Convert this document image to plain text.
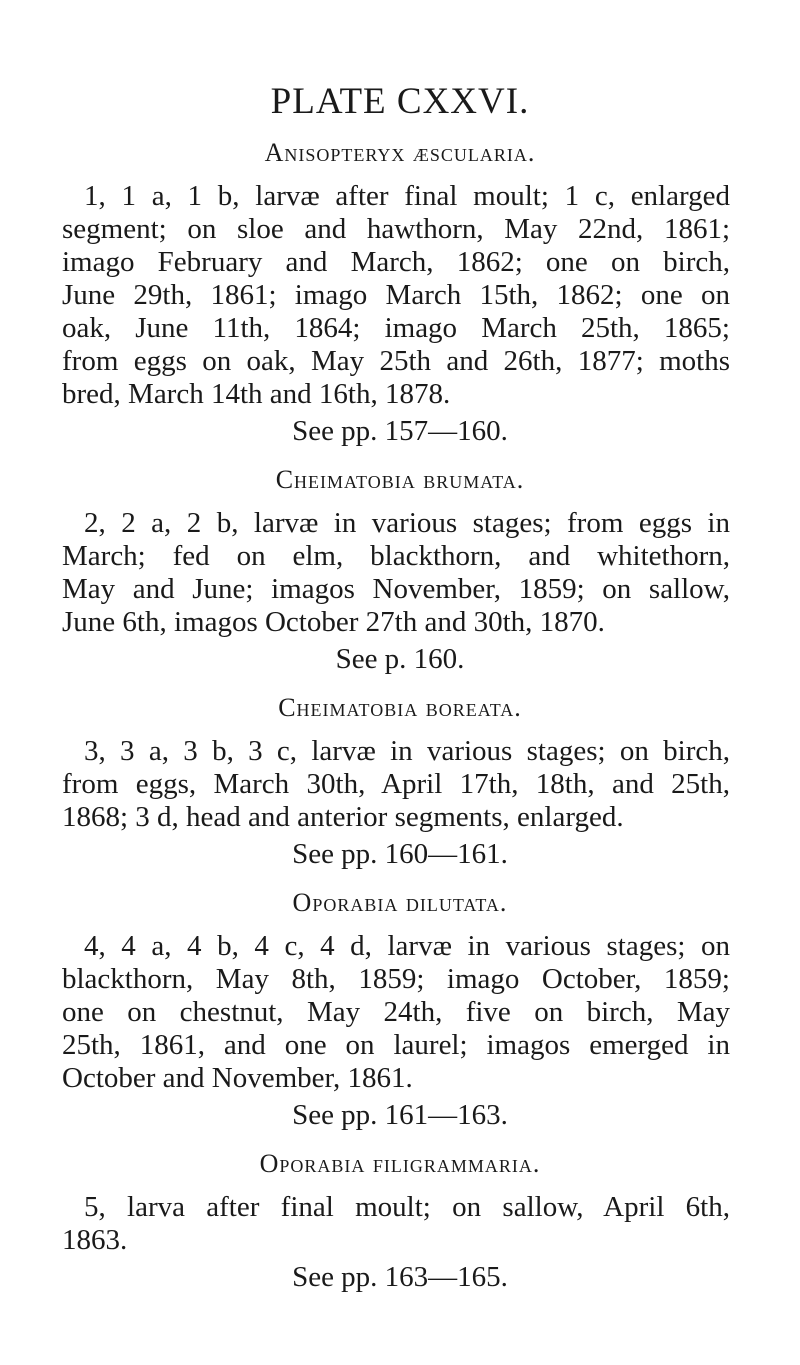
PLATE CXXVI.
Anisopteryx æscularia.
1, 1 a, 1 b, larvæ after final moult; 1 c, enlarged
segment; on sloe and hawthorn, May 22nd, 1861;
imago February and March, 1862; one on birch,
June 29th, 1861; imago March 15th, 1862; one on
oak, June 11th, 1864; imago March 25th, 1865;
from eggs on oak, May 25th and 26th, 1877; moths
bred, March 14th and 16th, 1878.
See pp. 157—160.
Cheimatobia brumata.
2, 2 a, 2 b, larvæ in various stages; from eggs in
March; fed on elm, blackthorn, and whitethorn,
May and June; imagos November, 1859; on sallow,
June 6th, imagos October 27th and 30th, 1870.
See p. 160.
Cheimatobia boreata.
3, 3 a, 3 b, 3 c, larvæ in various stages; on birch,
from eggs, March 30th, April 17th, 18th, and 25th,
1868; 3 d, head and anterior segments, enlarged.
See pp. 160—161.
Oporabia dilutata.
4, 4 a, 4 b, 4 c, 4 d, larvæ in various stages; on
blackthorn, May 8th, 1859; imago October, 1859;
one on chestnut, May 24th, five on birch, May
25th, 1861, and one on laurel; imagos emerged in
October and November, 1861.
See pp. 161—163.
Oporabia filigrammaria.
5, larva after final moult; on sallow, April 6th,
1863.
See pp. 163—165.
